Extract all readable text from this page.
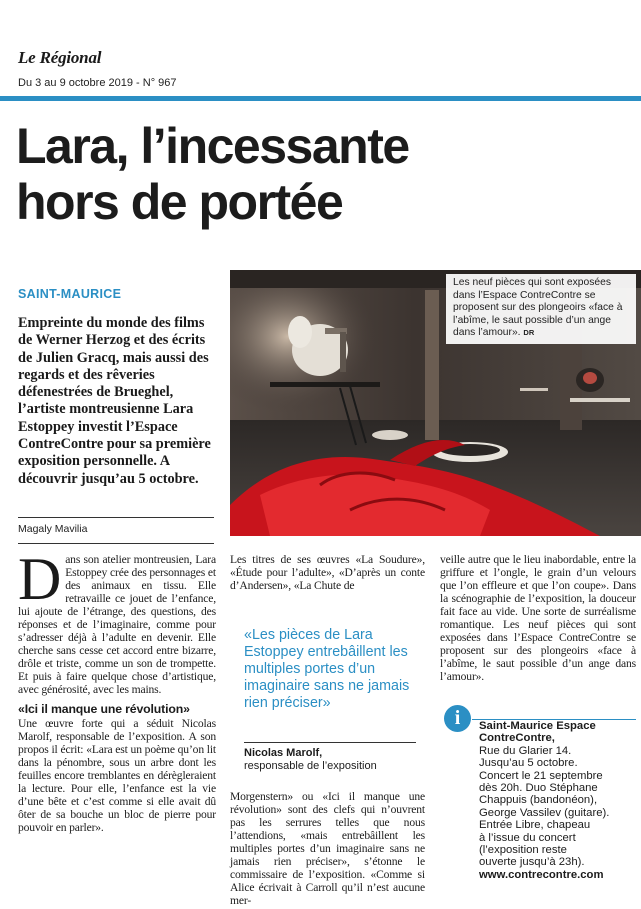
Le Régional
Du 3 au 9 octobre 2019 - N° 967
Lara, l’incessante
hors de portée
SAINT-MAURICE
Empreinte du monde des films de Werner Herzog et des écrits de Julien Gracq, mais aussi des regards et des rêveries défenestrées de Brueghel, l’artiste montreusienne Lara Estoppey investit l’Espace ContreContre pour sa première exposition personnelle. A découvrir jusqu’au 5 octobre.
Magaly Mavilia
Les neuf pièces qui sont exposées dans l’Espace ContreContre se proposent sur des plongeoirs «face à l’abîme, le saut possible d’un ange dans l’amour». DR
D ans son atelier montreusien, Lara Estoppey crée des personnages et des animaux en tissu. Elle retravaille ce jouet de l’enfance, lui ajoute de l’étrange, des questions, des réponses et de l’imaginaire, comme pour s’adresser déjà à l’adulte en devenir. Elle cherche sans cesse cet accord entre bizarre, drôle et triste, comme un son de trompette. Et puis à faire quelque chose d’artistique, avec générosité, avec les mains.

«Ici il manque une révolution»

Une œuvre forte qui a séduit Nicolas Marolf, responsable de l’exposition. A son propos il écrit: «Lara est un poème qu’on lit dans la pénombre, sous un arbre dont les feuilles encore tremblantes en dérègleraient la lecture. Pour elle, l’enfance est la vie d’une bête et c’est comme si elle avait dû ôter de sa bouche un bloc de pierre pour pouvoir en parler».

Les titres de ses œuvres «La Soudure», «Étude pour l’adulte», «D’après un conte d’Andersen», «La Chute de

«Les pièces de Lara Estoppey entrebâillent les multiples portes d’un imaginaire sans ne jamais rien préciser»
Nicolas Marolf,
responsable de l’exposition

Morgenstern» ou «Ici il manque une révolution» sont des clefs qui n’ouvrent pas les serrures telles que nous l’attendions, «mais entrebâillent les multiples portes d’un imaginaire sans ne jamais rien préciser», s’étonne le commissaire de l’exposition. «Comme si Alice écrivait à Carroll qu’il n’est aucune mer-

veille autre que le lieu inabordable, entre la griffure et l’ongle, le grain d’un velours que l’on effleure et que l’on coupe». Dans la scénographie de l’exposition, la douceur fait face au vide. Une sorte de surréalisme romantique. Les neuf pièces qui sont exposées dans l’Espace ContreContre se proposent sur des plongeoirs «face à l’abîme, le saut possible d’un ange dans l’amour».

i	Saint-Maurice Espace ContreContre,
Rue du Glarier 14.
Jusqu’au 5 octobre.
Concert le 21 septembre
dès 20h. Duo Stéphane
Chappuis (bandonéon),
George Vassilev (guitare).
Entrée Libre, chapeau
à l’issue du concert
(l’exposition reste
ouverte jusqu’à 23h).
www.contrecontre.com
